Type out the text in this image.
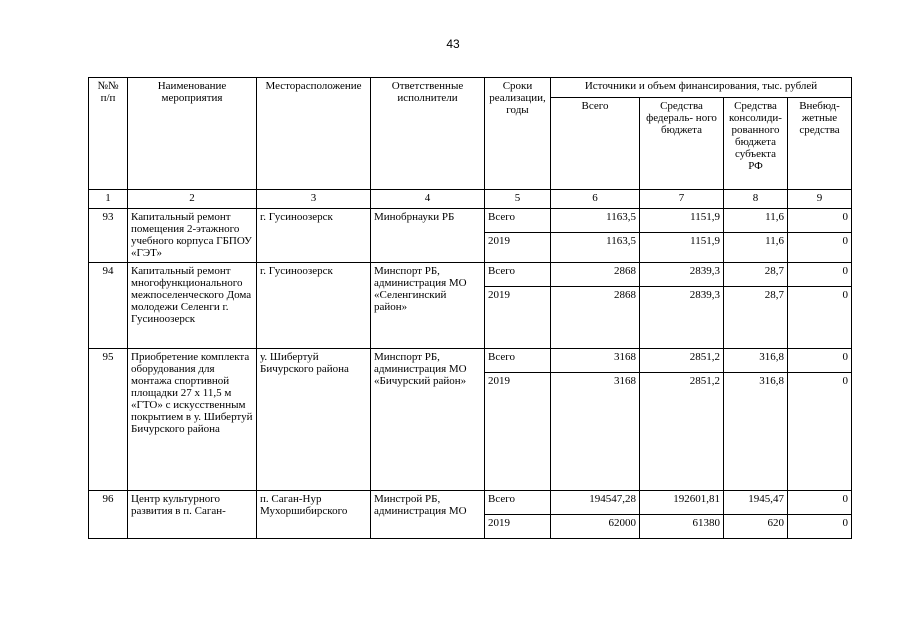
43
№№ п/п	Наименование мероприятия	Месторасположение	Ответственные исполнители	Сроки реализации, годы	Источники и объем финансирования, тыс. рублей			
					Всего	Средства федераль- ного бюджета	Средства консолиди- рованного бюджета субъекта РФ	Внебюд- жетные средства
1	2	3	4	5	6	7	8	9
93	Капитальный ремонт помещения 2-этажного учебного корпуса ГБПОУ «ГЭТ»	г. Гусиноозерск	Минобрнауки РБ	Всего	1163,5	1151,9	11,6	0
				2019	1163,5	1151,9	11,6	0
94	Капитальный ремонт многофункционального межпоселенческого Дома молодежи Селенги г. Гусиноозерск	г. Гусиноозерск	Минспорт РБ, администрация МО «Селенгинский район»	Всего	2868	2839,3	28,7	0
				2019	2868	2839,3	28,7	0
95	Приобретение комплекта оборудования для монтажа спортивной площадки 27 х 11,5 м «ГТО» с искусственным покрытием в у. Шибертуй Бичурского района	у. Шибертуй Бичурского района	Минспорт РБ, администрация МО «Бичурский район»	Всего	3168	2851,2	316,8	0
				2019	3168	2851,2	316,8	0
96	Центр культурного развития в п. Саган-	п. Саган-Нур Мухоршибирского	Минстрой РБ, администрация МО	Всего	194547,28	192601,81	1945,47	0
				2019	62000	61380	620	0
